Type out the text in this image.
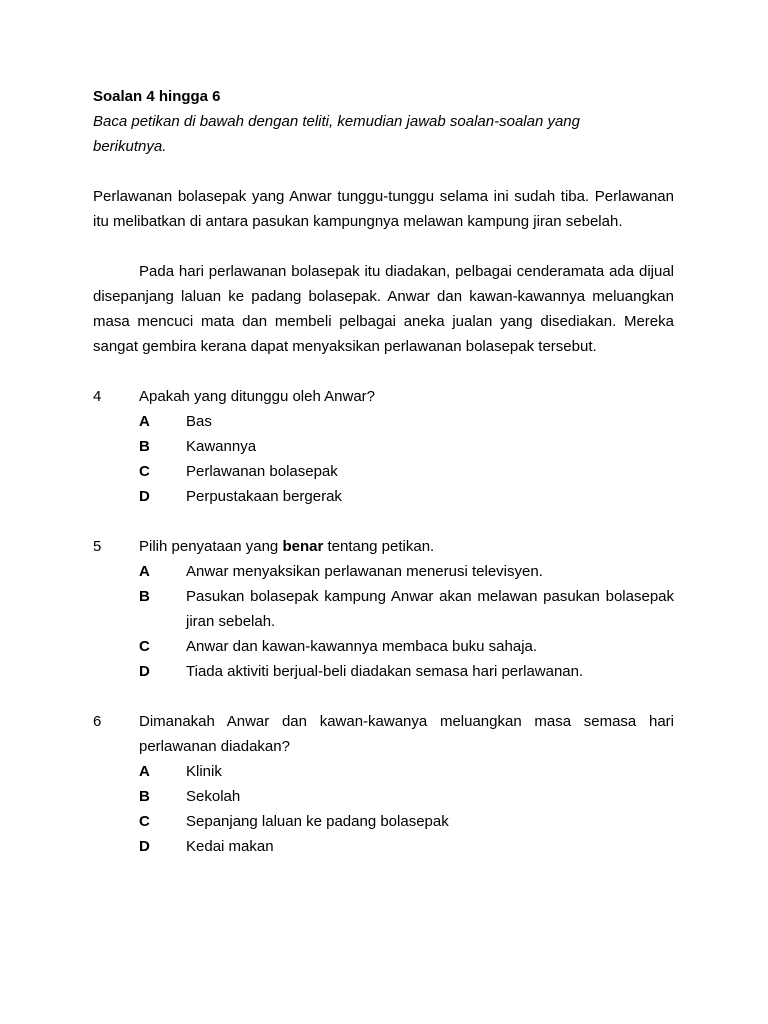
Soalan 4 hingga 6

Baca petikan di bawah dengan teliti, kemudian jawab soalan-soalan yang berikutnya.

Perlawanan bolasepak yang Anwar tunggu-tunggu selama ini sudah tiba. Perlawanan itu melibatkan di antara pasukan kampungnya melawan kampung jiran sebelah.

Pada hari perlawanan bolasepak itu diadakan, pelbagai cenderamata ada dijual disepanjang laluan ke padang bolasepak. Anwar dan kawan-kawannya meluangkan masa mencuci mata dan membeli pelbagai aneka jualan yang disediakan. Mereka sangat gembira kerana dapat menyaksikan perlawanan bolasepak tersebut.

4	Apakah yang ditunggu oleh Anwar?
A	Bas
B	Kawannya
C	Perlawanan bolasepak
D	Perpustakaan bergerak
5	Pilih penyataan yang benar tentang petikan.
A	Anwar menyaksikan perlawanan menerusi televisyen.
B	Pasukan bolasepak kampung Anwar akan melawan pasukan bolasepak jiran sebelah.
C	Anwar dan kawan-kawannya membaca buku sahaja.
D	Tiada aktiviti berjual-beli diadakan semasa hari perlawanan.
6	Dimanakah Anwar dan kawan-kawanya meluangkan masa semasa hari perlawanan diadakan?
A	Klinik
B	Sekolah
C	Sepanjang laluan ke padang bolasepak
D	Kedai makan
